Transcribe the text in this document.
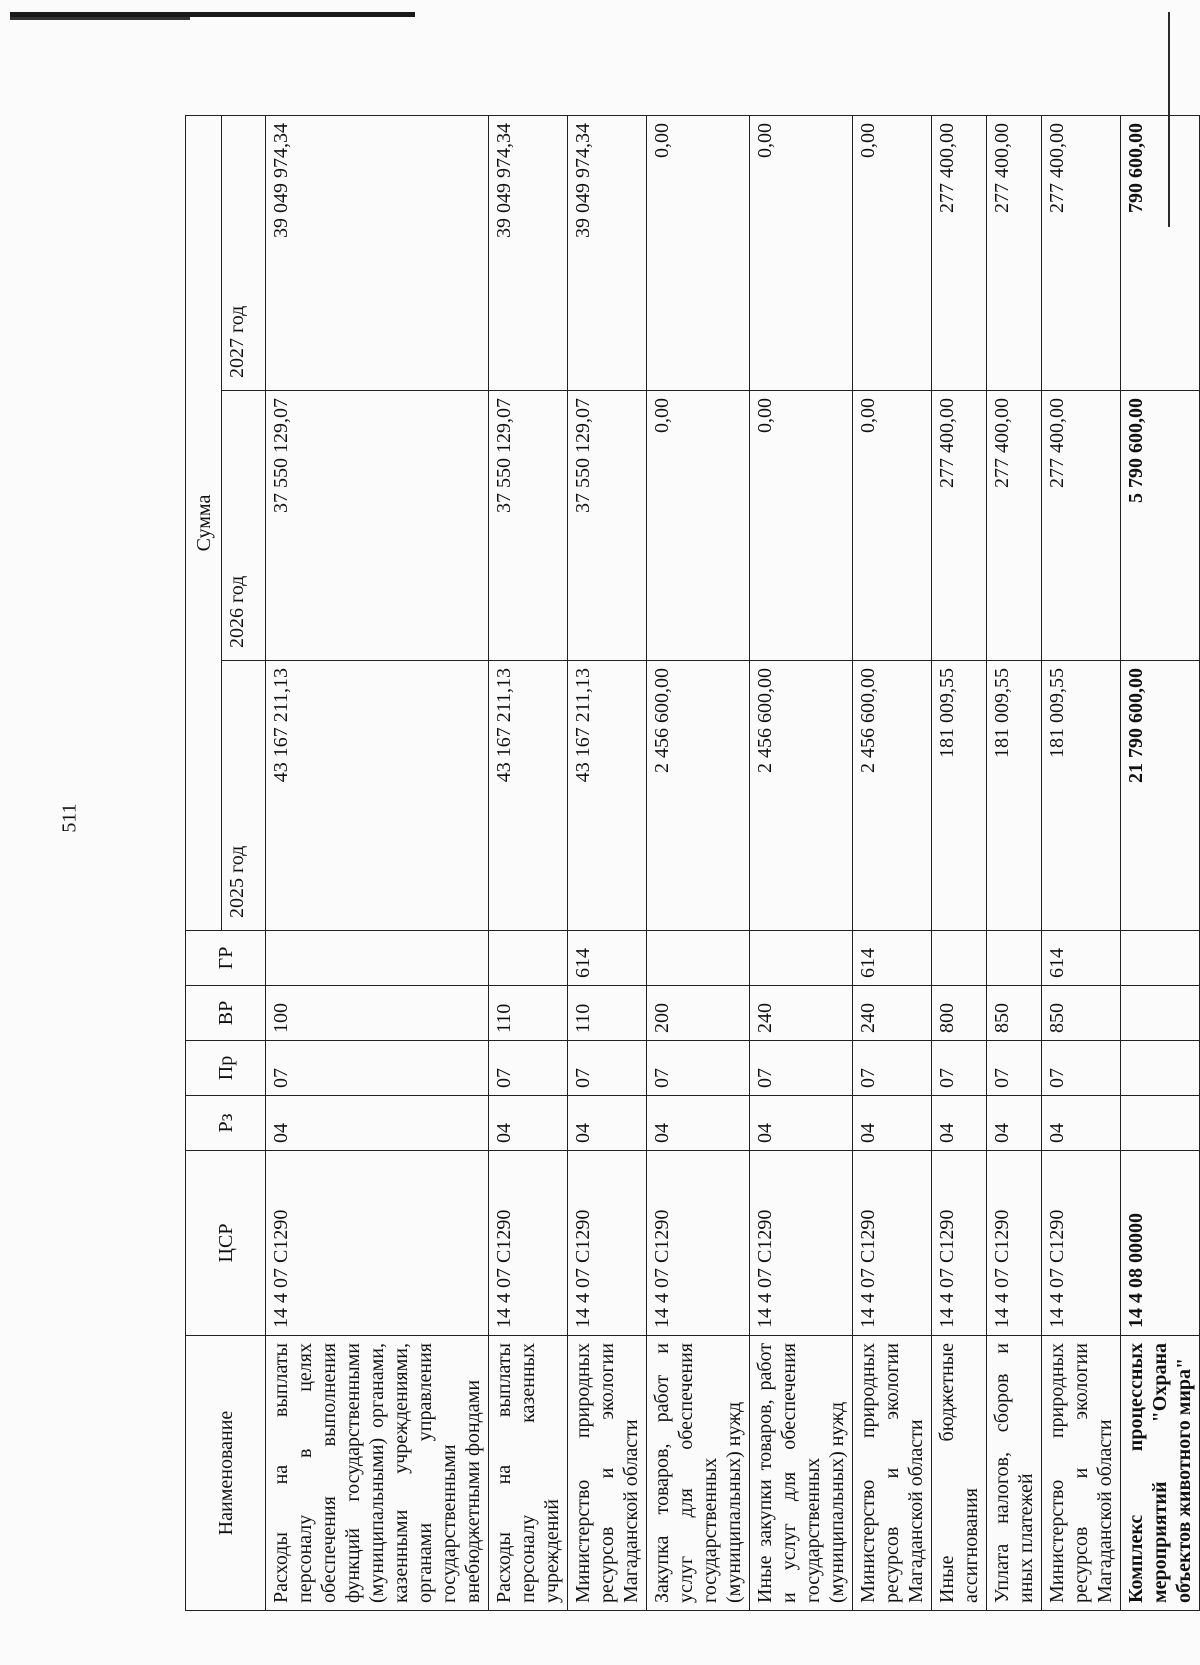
511
Наименование	ЦСР	Рз	Пр	ВР	ГР	Сумма		
						2025 год	2026 год	2027 год
Расходы на выплаты персоналу в целях обеспечения выполнения функций государственными (муниципальными) органами, казенными учреждениями, органами управления государственными внебюджетными фондами	14 4 07 С1290	04	07	100		43 167 211,13	37 550 129,07	39 049 974,34
Расходы на выплаты персоналу казенных учреждений	14 4 07 С1290	04	07	110		43 167 211,13	37 550 129,07	39 049 974,34
Министерство природных ресурсов и экологии Магаданской области	14 4 07 С1290	04	07	110	614	43 167 211,13	37 550 129,07	39 049 974,34
Закупка товаров, работ и услуг для обеспечения государственных (муниципальных) нужд	14 4 07 С1290	04	07	200		2 456 600,00	0,00	0,00
Иные закупки товаров, работ и услуг для обеспечения государственных (муниципальных) нужд	14 4 07 С1290	04	07	240		2 456 600,00	0,00	0,00
Министерство природных ресурсов и экологии Магаданской области	14 4 07 С1290	04	07	240	614	2 456 600,00	0,00	0,00
Иные бюджетные ассигнования	14 4 07 С1290	04	07	800		181 009,55	277 400,00	277 400,00
Уплата налогов, сборов и иных платежей	14 4 07 С1290	04	07	850		181 009,55	277 400,00	277 400,00
Министерство природных ресурсов и экологии Магаданской области	14 4 07 С1290	04	07	850	614	181 009,55	277 400,00	277 400,00
Комплекс процессных мероприятий "Охрана объектов животного мира"	14 4 08 00000					21 790 600,00	5 790 600,00	790 600,00
